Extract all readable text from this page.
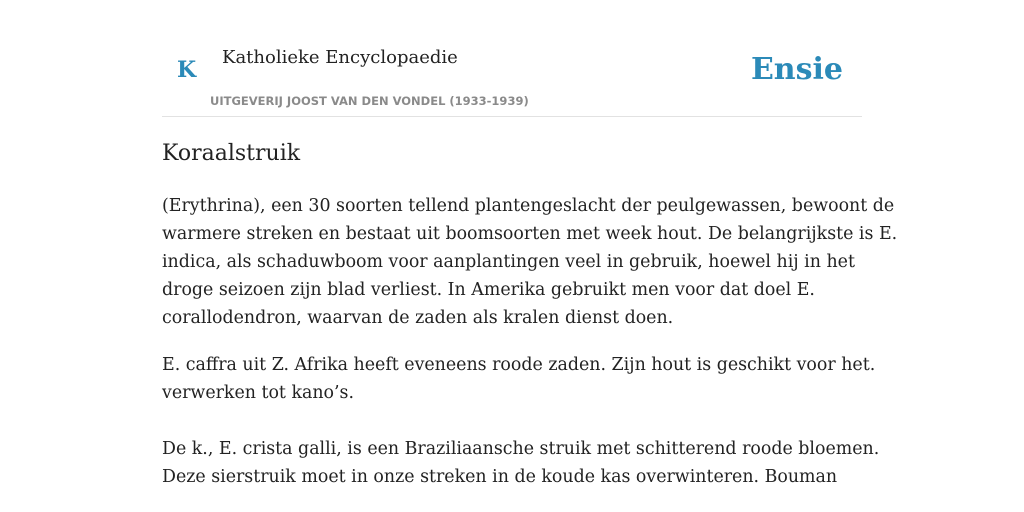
K Katholieke Encyclopaedie
UITGEVERIJ JOOST VAN DEN VONDEL (1933-1939)
Ensie
Koraalstruik
(Erythrina), een 30 soorten tellend plantengeslacht der peulgewassen, bewoont de
warmere streken en bestaat uit boomsoorten met week hout. De belangrijkste is E.
indica, als schaduwboom voor aanplantingen veel in gebruik, hoewel hij in het
droge seizoen zijn blad verliest. In Amerika gebruikt men voor dat doel E.
corallodendron, waarvan de zaden als kralen dienst doen.
E. caffra uit Z. Afrika heeft eveneens roode zaden. Zijn hout is geschikt voor het.
verwerken tot kano’s.
De k., E. crista galli, is een Braziliaansche struik met schitterend roode bloemen.
Deze sierstruik moet in onze streken in de koude kas overwinteren. Bouman
